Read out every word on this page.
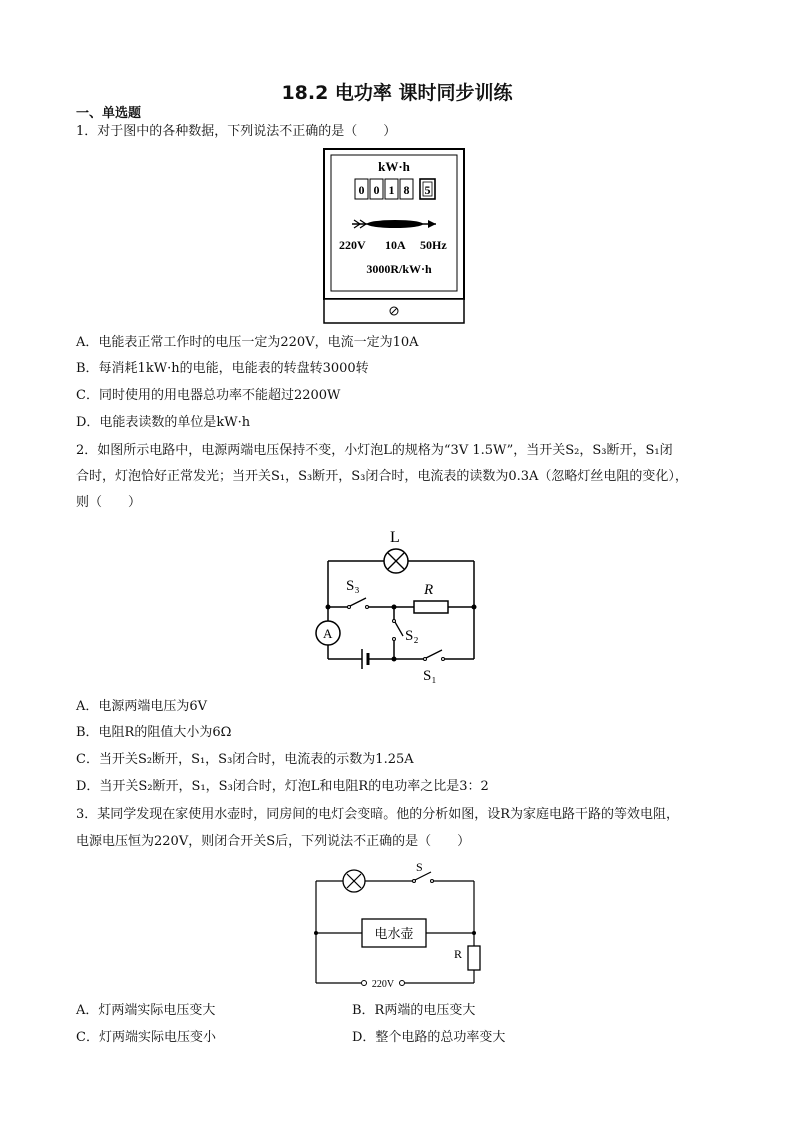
18.2 电功率 课时同步训练
一、单选题
1．对于图中的各种数据，下列说法不正确的是（　　）
kW·h
0 0 1 8 5
220V 10A 50Hz
3000R/kW·h
A．电能表正常工作时的电压一定为220V，电流一定为10A
B．每消耗1kW·h的电能，电能表的转盘转3000转
C．同时使用的用电器总功率不能超过2200W
D．电能表读数的单位是kW·h
2．如图所示电路中，电源两端电压保持不变，小灯泡L的规格为“3V 1.5W”，当开关S₂，S₃断开，S₁闭
合时，灯泡恰好正常发光；当开关S₁，S₃断开，S₃闭合时，电流表的读数为0.3A（忽略灯丝电阻的变化），
则（　　）
L
A
S₃	R
S₂
S₁
A．电源两端电压为6V
B．电阻R的阻值大小为6Ω
C．当开关S₂断开，S₁，S₃闭合时，电流表的示数为1.25A
D．当开关S₂断开，S₁，S₃闭合时，灯泡L和电阻R的电功率之比是3：2
3．某同学发现在家使用水壶时，同房间的电灯会变暗。他的分析如图，设R为家庭电路干路的等效电阻，
电源电压恒为220V，则闭合开关S后，下列说法不正确的是（　　）
S
电水壶
R
220V
A．灯两端实际电压变大	B．R两端的电压变大
C．灯两端实际电压变小	D．整个电路的总功率变大
